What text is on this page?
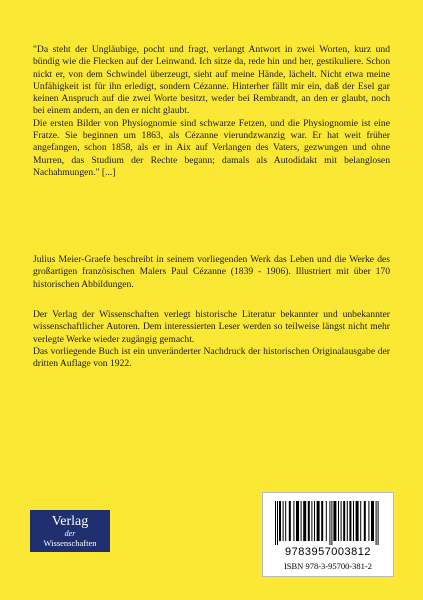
"Da steht der Ungläubige, pocht und fragt, verlangt Antwort in zwei Worten, kurz und bündig wie die Flecken auf der Leinwand. Ich sitze da, rede hin und her, gestikuliere. Schon nickt er, von dem Schwindel überzeugt, sieht auf meine Hände, lächelt. Nicht etwa meine Unfähigkeit ist für ihn erledigt, sondern Cézanne. Hinterher fällt mir ein, daß der Esel gar keinen Anspruch auf die zwei Worte besitzt, weder bei Rembrandt, an den er glaubt, noch bei einem andern, an den er nicht glaubt.

Die ersten Bilder von Physiognomie sind schwarze Fetzen, und die Physiognomie ist eine Fratze. Sie beginnen um 1863, als Cézanne vierundzwanzig war. Er hat weit früher angefangen, schon 1858, als er in Aix auf Verlangen des Vaters, gezwungen und ohne Murren, das Studium der Rechte begann; damals als Autodidakt mit belanglosen Nachahmungen." [...]

Julius Meier-Graefe beschreibt in seinem vorliegenden Werk das Leben und die Werke des großartigen französischen Malers Paul Cézanne (1839 - 1906). Illustriert mit über 170 historischen Abbildungen.

Der Verlag der Wissenschaften verlegt historische Literatur bekannter und unbekannter wissenschaftlicher Autoren. Dem interessierten Leser werden so teilweise längst nicht mehr verlegte Werke wieder zugängig gemacht.

Das vorliegende Buch ist ein unveränderter Nachdruck der historischen Originalausgabe der dritten Auflage von 1922.

Verlag
der
Wissenschaften
9783957003812
ISBN 978-3-95700-381-2
